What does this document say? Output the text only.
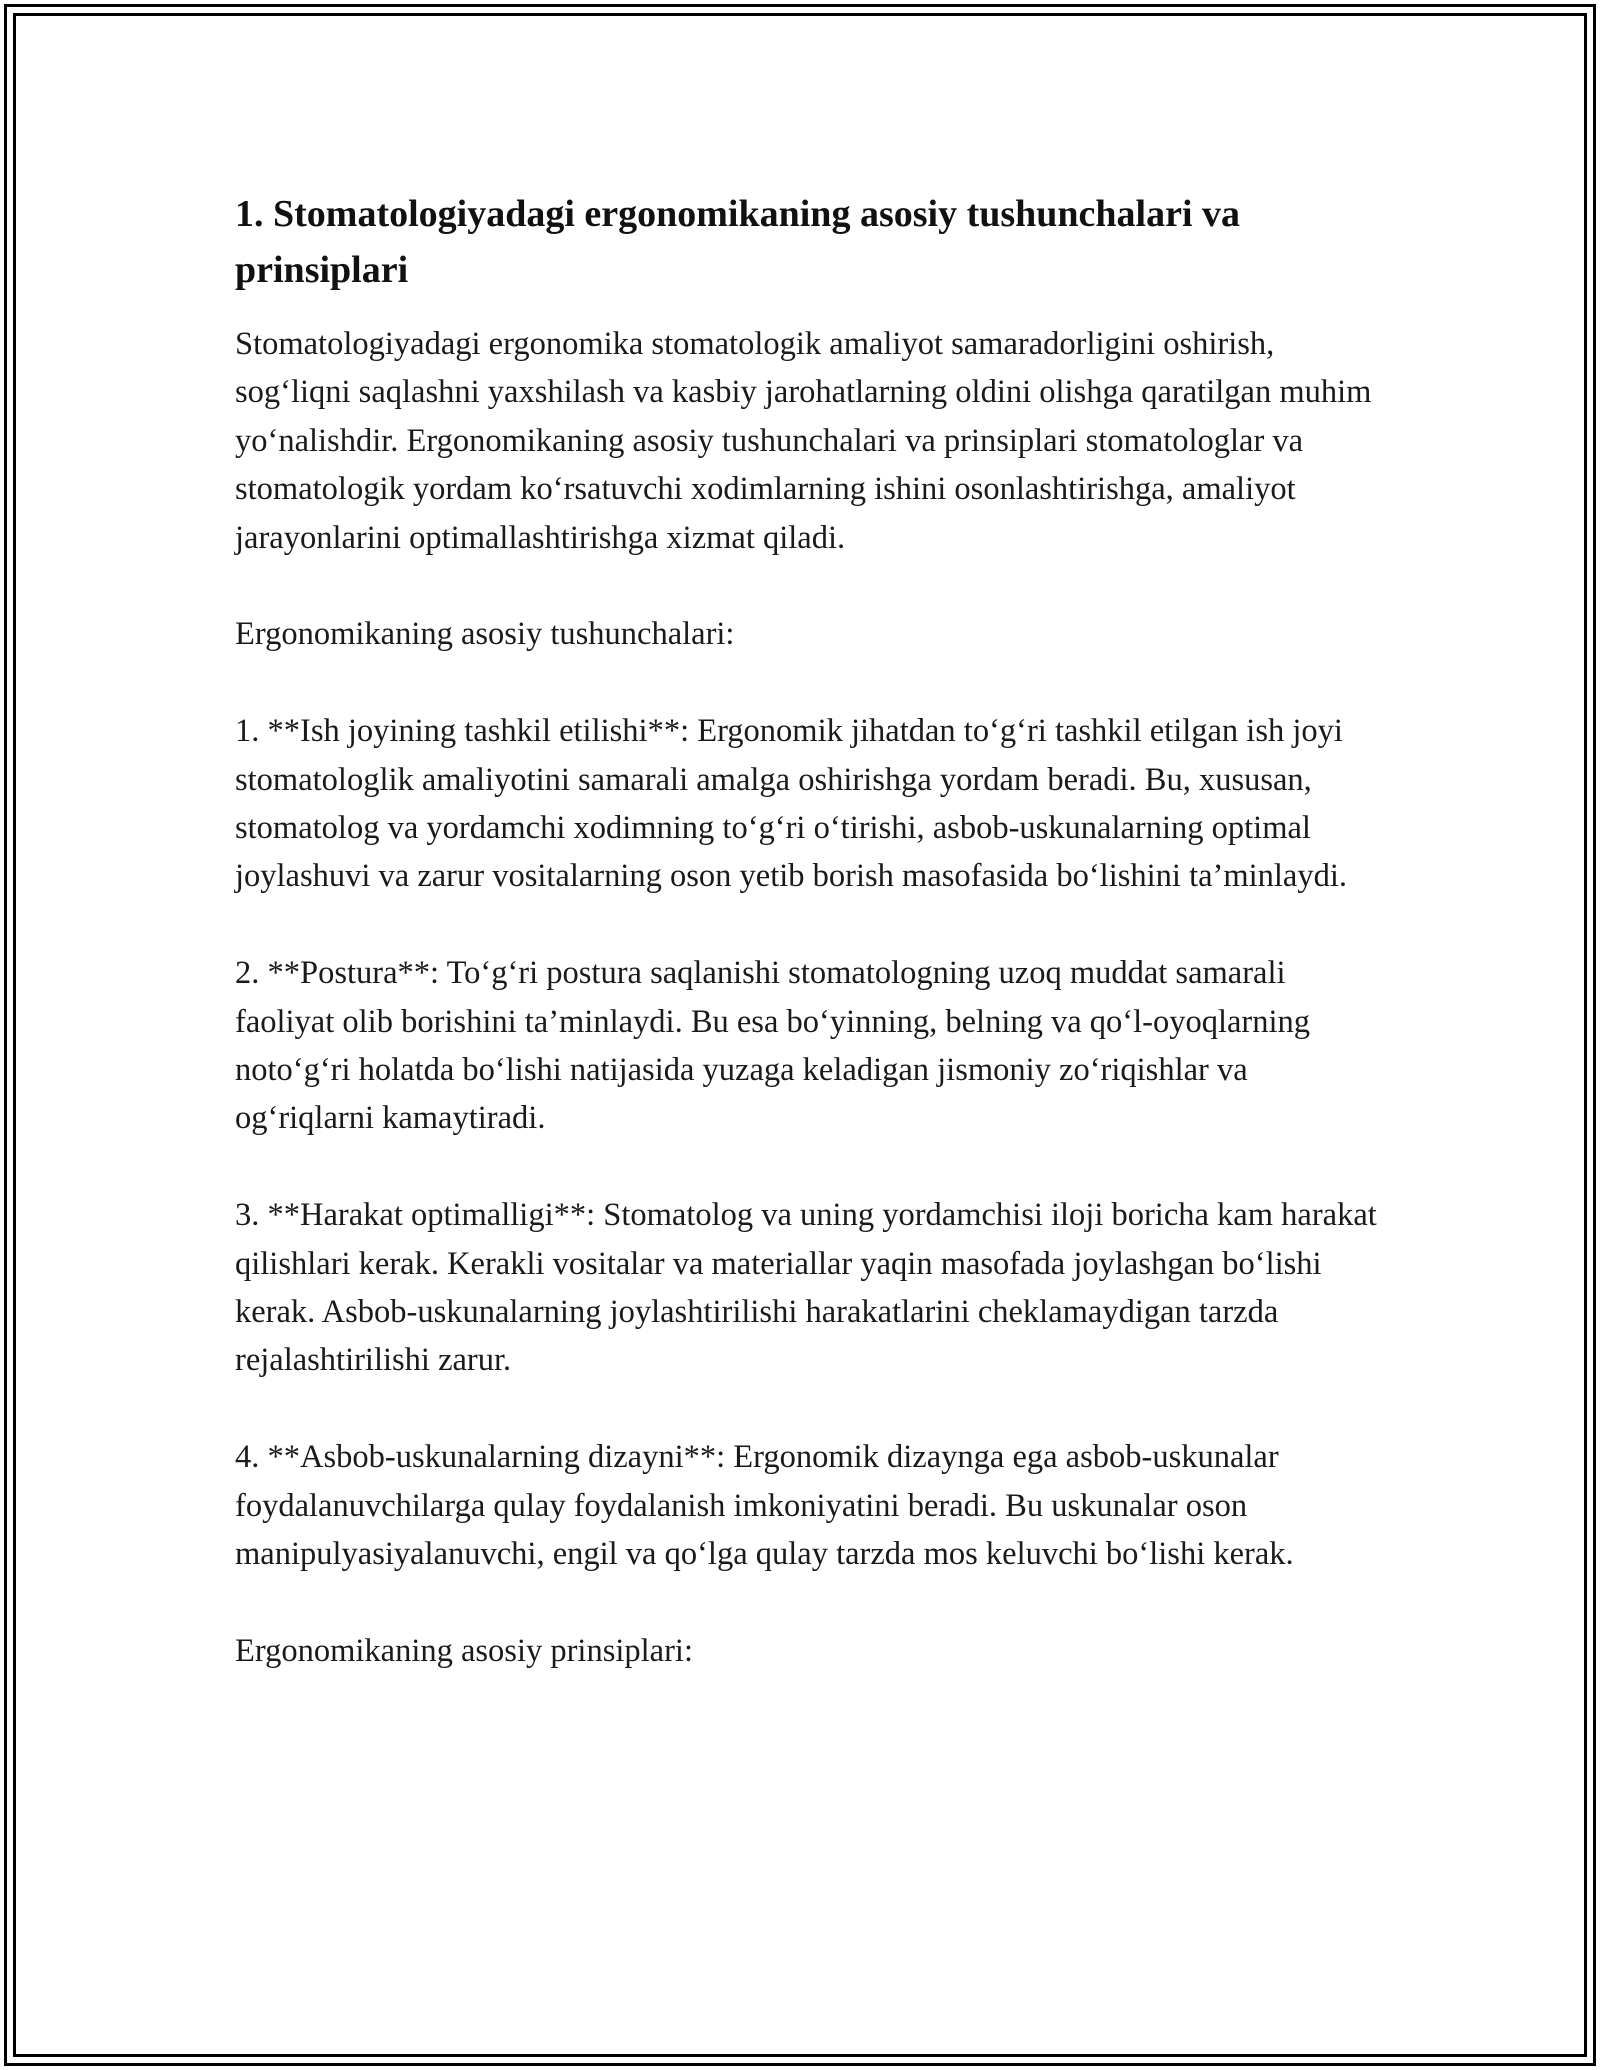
1. Stomatologiyadagi ergonomikaning asosiy tushunchalari va prinsiplari

Stomatologiyadagi ergonomika stomatologik amaliyot samaradorligini oshirish, sog‘liqni saqlashni yaxshilash va kasbiy jarohatlarning oldini olishga qaratilgan muhim yo‘nalishdir. Ergonomikaning asosiy tushunchalari va prinsiplari stomatologlar va stomatologik yordam ko‘rsatuvchi xodimlarning ishini osonlashtirishga, amaliyot jarayonlarini optimallashtirishga xizmat qiladi.

Ergonomikaning asosiy tushunchalari:

1. **Ish joyining tashkil etilishi**: Ergonomik jihatdan to‘g‘ri tashkil etilgan ish joyi stomatologlik amaliyotini samarali amalga oshirishga yordam beradi. Bu, xususan, stomatolog va yordamchi xodimning to‘g‘ri o‘tirishi, asbob-uskunalarning optimal joylashuvi va zarur vositalarning oson yetib borish masofasida bo‘lishini ta’minlaydi.

2. **Postura**: To‘g‘ri postura saqlanishi stomatologning uzoq muddat samarali faoliyat olib borishini ta’minlaydi. Bu esa bo‘yinning, belning va qo‘l-oyoqlarning noto‘g‘ri holatda bo‘lishi natijasida yuzaga keladigan jismoniy zo‘riqishlar va og‘riqlarni kamaytiradi.

3. **Harakat optimalligi**: Stomatolog va uning yordamchisi iloji boricha kam harakat qilishlari kerak. Kerakli vositalar va materiallar yaqin masofada joylashgan bo‘lishi kerak. Asbob-uskunalarning joylashtirilishi harakatlarini cheklamaydigan tarzda rejalashtirilishi zarur.

4. **Asbob-uskunalarning dizayni**: Ergonomik dizaynga ega asbob-uskunalar foydalanuvchilarga qulay foydalanish imkoniyatini beradi. Bu uskunalar oson manipulyasiyalanuvchi, engil va qo‘lga qulay tarzda mos keluvchi bo‘lishi kerak.

Ergonomikaning asosiy prinsiplari:
